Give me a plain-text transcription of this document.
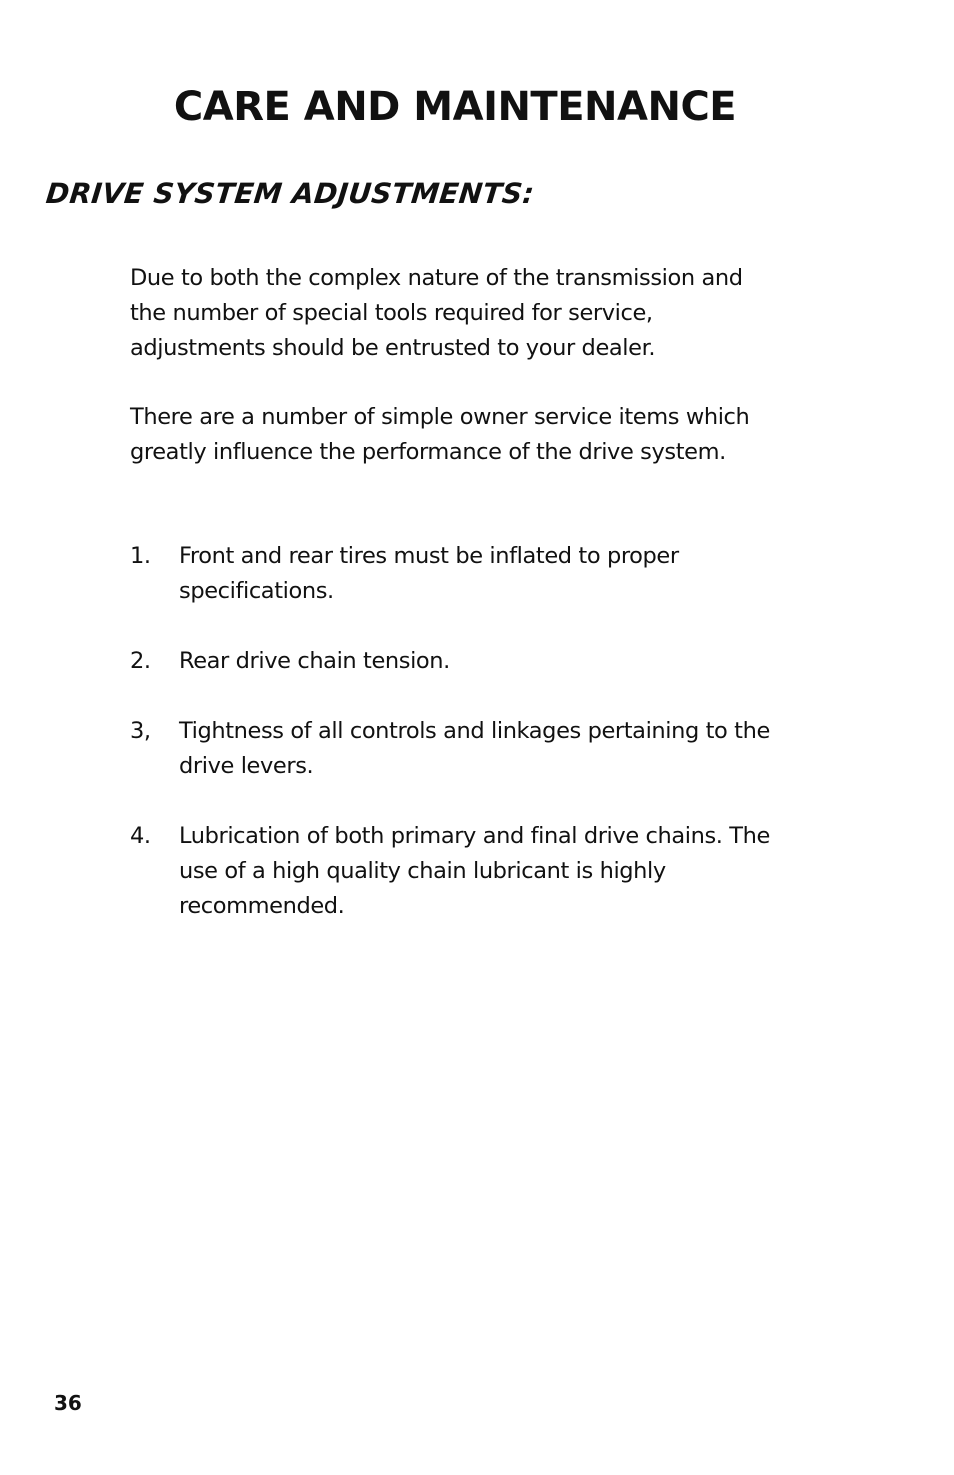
CARE AND MAINTENANCE
DRIVE SYSTEM ADJUSTMENTS:

Due to both the complex nature of the transmission and the number of special tools required for service, adjustments should be entrusted to your dealer.

There are a number of simple owner service items which greatly influence the performance of the drive system.

1.	Front and rear tires must be inflated to proper specifications.
2.	Rear drive chain tension.
3,	Tightness of all controls and linkages pertaining to the drive levers.
4.	Lubrication of both primary and final drive chains. The use of a high quality chain lubricant is highly recommended.
36
